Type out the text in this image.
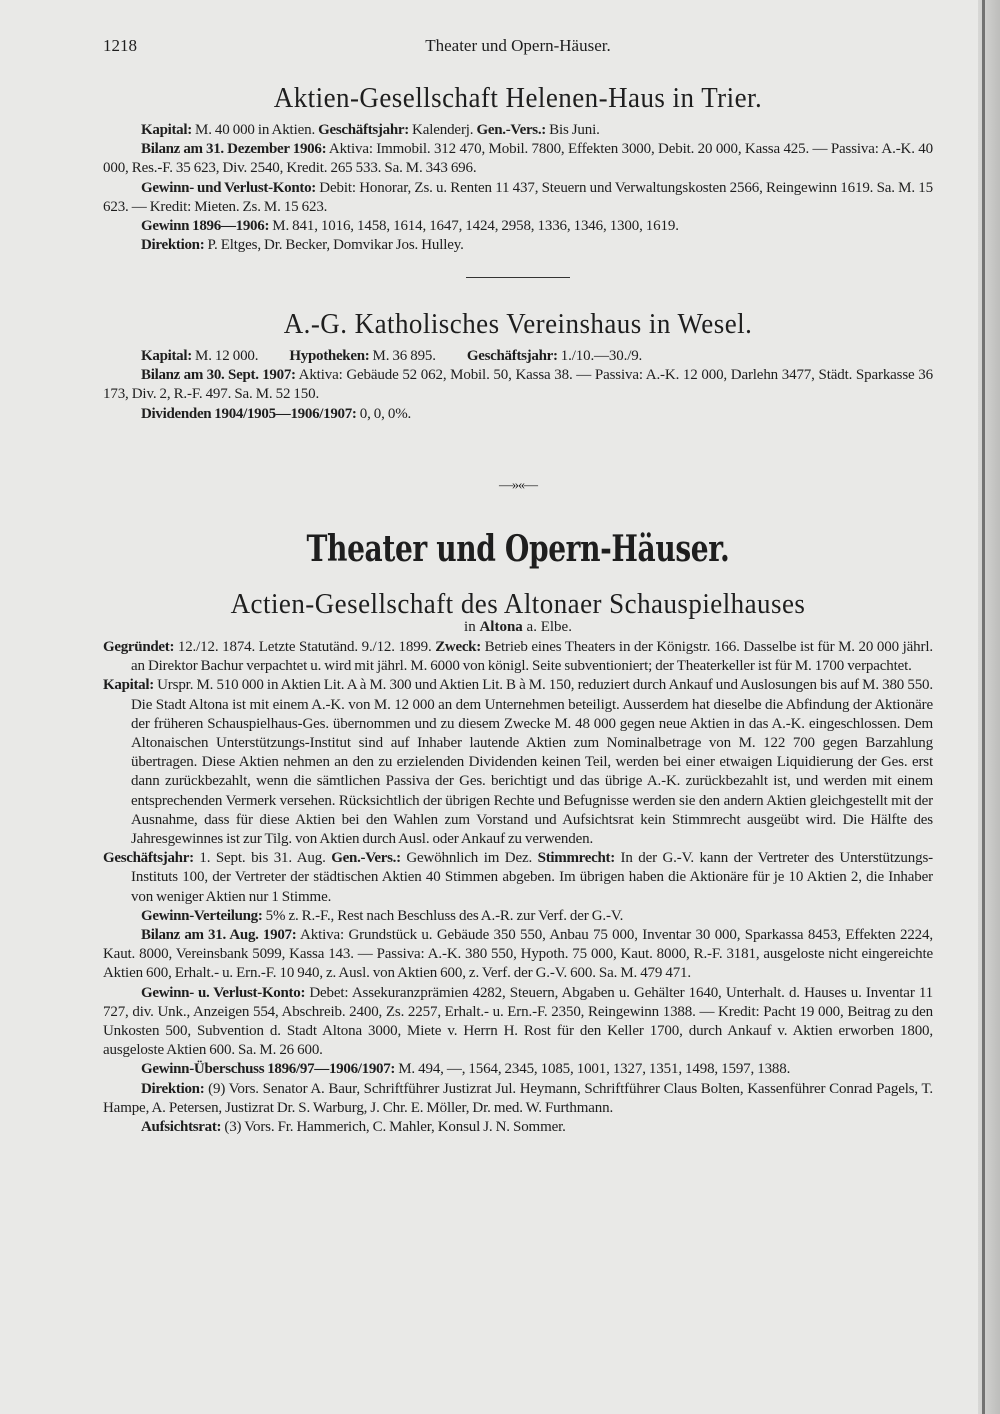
1218	Theater und Opern-Häuser.
Aktien-Gesellschaft Helenen-Haus in Trier.

Kapital: M. 40 000 in Aktien. Geschäftsjahr: Kalenderj. Gen.-Vers.: Bis Juni.

Bilanz am 31. Dezember 1906: Aktiva: Immobil. 312 470, Mobil. 7800, Effekten 3000, Debit. 20 000, Kassa 425. — Passiva: A.-K. 40 000, Res.-F. 35 623, Div. 2540, Kredit. 265 533. Sa. M. 343 696.

Gewinn- und Verlust-Konto: Debit: Honorar, Zs. u. Renten 11 437, Steuern und Verwaltungskosten 2566, Reingewinn 1619. Sa. M. 15 623. — Kredit: Mieten. Zs. M. 15 623.

Gewinn 1896—1906: M. 841, 1016, 1458, 1614, 1647, 1424, 2958, 1336, 1346, 1300, 1619.

Direktion: P. Eltges, Dr. Becker, Domvikar Jos. Hulley.

A.-G. Katholisches Vereinshaus in Wesel.

Kapital: M. 12 000.          Hypotheken: M. 36 895.          Geschäftsjahr: 1./10.—30./9.

Bilanz am 30. Sept. 1907: Aktiva: Gebäude 52 062, Mobil. 50, Kassa 38. — Passiva: A.-K. 12 000, Darlehn 3477, Städt. Sparkasse 36 173, Div. 2, R.-F. 497. Sa. M. 52 150.

Dividenden 1904/1905—1906/1907: 0, 0, 0%.

—»«—
Theater und Opern-Häuser.
Actien-Gesellschaft des Altonaer Schauspielhauses
in Altona a. Elbe.

Gegründet: 12./12. 1874. Letzte Statutänd. 9./12. 1899. Zweck: Betrieb eines Theaters in der Königstr. 166. Dasselbe ist für M. 20 000 jährl. an Direktor Bachur verpachtet u. wird mit jährl. M. 6000 von königl. Seite subventioniert; der Theaterkeller ist für M. 1700 verpachtet.

Kapital: Urspr. M. 510 000 in Aktien Lit. A à M. 300 und Aktien Lit. B à M. 150, reduziert durch Ankauf und Auslosungen bis auf M. 380 550. Die Stadt Altona ist mit einem A.-K. von M. 12 000 an dem Unternehmen beteiligt. Ausserdem hat dieselbe die Abfindung der Aktionäre der früheren Schauspielhaus-Ges. übernommen und zu diesem Zwecke M. 48 000 gegen neue Aktien in das A.-K. eingeschlossen. Dem Altonaischen Unterstützungs-Institut sind auf Inhaber lautende Aktien zum Nominalbetrage von M. 122 700 gegen Barzahlung übertragen. Diese Aktien nehmen an den zu erzielenden Dividenden keinen Teil, werden bei einer etwaigen Liquidierung der Ges. erst dann zurückbezahlt, wenn die sämtlichen Passiva der Ges. berichtigt und das übrige A.-K. zurückbezahlt ist, und werden mit einem entsprechenden Vermerk versehen. Rücksichtlich der übrigen Rechte und Befugnisse werden sie den andern Aktien gleichgestellt mit der Ausnahme, dass für diese Aktien bei den Wahlen zum Vorstand und Aufsichtsrat kein Stimmrecht ausgeübt wird. Die Hälfte des Jahresgewinnes ist zur Tilg. von Aktien durch Ausl. oder Ankauf zu verwenden.

Geschäftsjahr: 1. Sept. bis 31. Aug. Gen.-Vers.: Gewöhnlich im Dez. Stimmrecht: In der G.-V. kann der Vertreter des Unterstützungs-Instituts 100, der Vertreter der städtischen Aktien 40 Stimmen abgeben. Im übrigen haben die Aktionäre für je 10 Aktien 2, die Inhaber von weniger Aktien nur 1 Stimme.

Gewinn-Verteilung: 5% z. R.-F., Rest nach Beschluss des A.-R. zur Verf. der G.-V.

Bilanz am 31. Aug. 1907: Aktiva: Grundstück u. Gebäude 350 550, Anbau 75 000, Inventar 30 000, Sparkassa 8453, Effekten 2224, Kaut. 8000, Vereinsbank 5099, Kassa 143. — Passiva: A.-K. 380 550, Hypoth. 75 000, Kaut. 8000, R.-F. 3181, ausgeloste nicht eingereichte Aktien 600, Erhalt.- u. Ern.-F. 10 940, z. Ausl. von Aktien 600, z. Verf. der G.-V. 600. Sa. M. 479 471.

Gewinn- u. Verlust-Konto: Debet: Assekuranzprämien 4282, Steuern, Abgaben u. Gehälter 1640, Unterhalt. d. Hauses u. Inventar 11 727, div. Unk., Anzeigen 554, Abschreib. 2400, Zs. 2257, Erhalt.- u. Ern.-F. 2350, Reingewinn 1388. — Kredit: Pacht 19 000, Beitrag zu den Unkosten 500, Subvention d. Stadt Altona 3000, Miete v. Herrn H. Rost für den Keller 1700, durch Ankauf v. Aktien erworben 1800, ausgeloste Aktien 600. Sa. M. 26 600.

Gewinn-Überschuss 1896/97—1906/1907: M. 494, —, 1564, 2345, 1085, 1001, 1327, 1351, 1498, 1597, 1388.

Direktion: (9) Vors. Senator A. Baur, Schriftführer Justizrat Jul. Heymann, Schriftführer Claus Bolten, Kassenführer Conrad Pagels, T. Hampe, A. Petersen, Justizrat Dr. S. Warburg, J. Chr. E. Möller, Dr. med. W. Furthmann.

Aufsichtsrat: (3) Vors. Fr. Hammerich, C. Mahler, Konsul J. N. Sommer.
